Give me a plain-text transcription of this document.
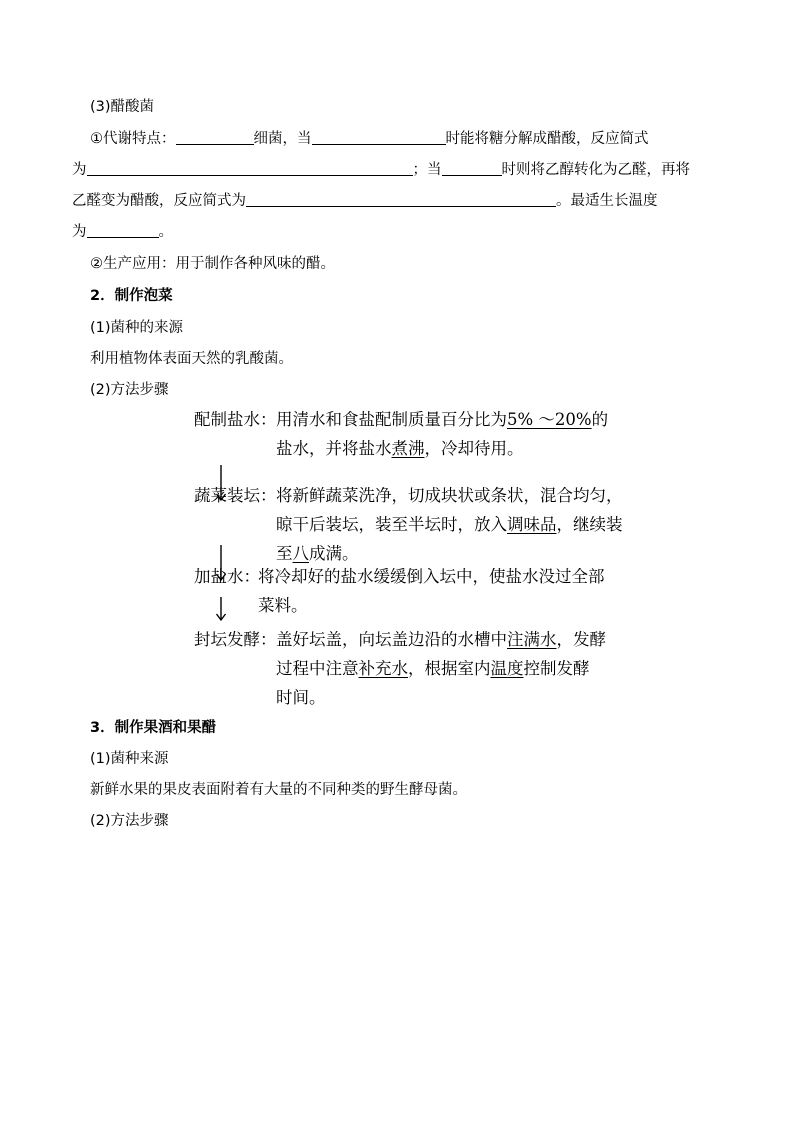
(3)醋酸菌
①代谢特点：	细菌，当	时能将糖分解成醋酸，反应简式
为	；当	时则将乙醇转化为乙醛，再将
乙醛变为醋酸，反应简式为	。最适生长温度
为	。
②生产应用：用于制作各种风味的醋。
2．制作泡菜
(1)菌种的来源
利用植物体表面天然的乳酸菌。
(2)方法步骤
配制盐水： 用清水和食盐配制质量百分比为5% ～20%的
盐水，并将盐水煮沸，冷却待用。
蔬菜装坛： 将新鲜蔬菜洗净，切成块状或条状，混合均匀，
晾干后装坛，装至半坛时，放入调味品，继续装
至八成满。
加盐水：
将冷却好的盐水缓缓倒入坛中，使盐水没过全部
菜料。
封坛发酵： 盖好坛盖，向坛盖边沿的水槽中注满水，发酵
过程中注意补充水，根据室内温度控制发酵
时间。
3．制作果酒和果醋
(1)菌种来源
新鲜水果的果皮表面附着有大量的不同种类的野生酵母菌。
(2)方法步骤
